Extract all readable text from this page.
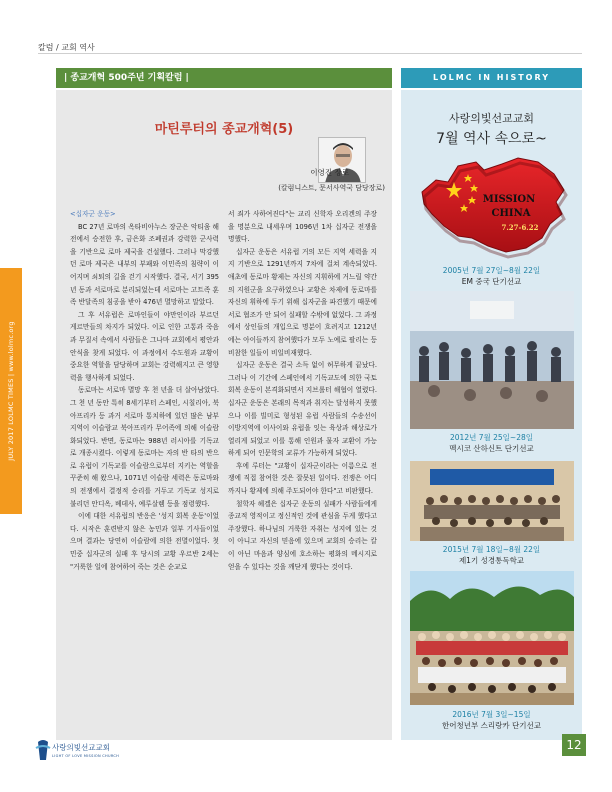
칼럼 / 교회 역사
JULY 2017 LOLMC TIMES | www.lolmc.org
| 종교개혁 500주년 기획칼럼 |
마틴루터의 종교개혁(5)
이영진 장로
(칼럼니스트, 문서사역국 담당장로)

<십자군 운동>

BC 27년 로마의 옥타비아누스 장군은 악티움 해전에서 승전한 후, 금은화 조폐권과 강력한 군사력을 기반으로 로마 제국을 건설했다. 그러나 막강했던 로마 제국은 내부의 부패와 이민족의 침략이 이어지며 쇠퇴의 길을 걷기 시작했다. 결국, 서기 395년 동과 서로마로 분리되었는데 서로마는 고트족 훈족 반달족의 침공을 받아 476년 멸망하고 말았다.

그 후 서유럽은 로마인들이 야만인이라 부르던 게르만들의 차지가 되었다. 이로 인한 고통과 죽음과 무질서 속에서 사람들은 그나마 교회에서 평안과 안식을 찾게 되었다. 이 과정에서 수도원과 교황이 중요한 역할을 담당하며 교회는 강력해지고 큰 영향력을 행사하게 되었다.

동로마는 서로마 멸망 후 천 년을 더 살아남았다. 그 천 년 동안 특히 8세기부터 스페인, 시칠리아, 북아프리카 등 과거 서로마 통치하에 있던 많은 남부 지역이 이슬람교 북아프리카 무어족에 의해 이슬람화되었다. 반면, 동로마는 988년 러시아를 기독교로 개종시켰다. 이렇게 동로마는 자의 반 타의 반으로 유럽이 기독교를 이슬람으로부터 지키는 역할을 꾸준히 해 왔으나, 1071년 이슬람 세력은 동로마와의 전쟁에서 결정적 승리를 거두고 기독교 성지로 불리던 안디옥, 베데사, 예루살렘 등을 점령했다.

이에 대한 서유럽의 반응은 '성지 회복 운동'이었다. 시작은 훈련받지 않은 농민과 일부 기사들이었으며 결과는 당연히 이슬람에 의한 전멸이었다. 첫 민중 십자군의 실패 후 당시의 교황 우르반 2세는 "거룩한 일에 참여하여 죽는 것은 순교로

서 죄가 사하여진다"는 교리 신학자 오리겐의 주장을 명분으로 내세우며 1096년 1차 십자군 전쟁을 명했다.

십자군 운동은 서유럽 거의 모든 지역 세력을 지지 기반으로 1291년까지 7차에 걸쳐 계속되었다. 애초에 동로마 황제는 자신의 지휘하에 거느릴 약간의 지원군을 요구하였으나 교황은 차제에 동로마를 자신의 휘하에 두기 위해 십자군을 파견했기 때문에 서로 협조가 안 되어 실패할 수밖에 없었다. 그 과정에서 상인들의 개입으로 명분이 흐려지고 1212년에는 아이들까지 참여했다가 모두 노예로 팔리는 등 비참한 일들이 비일비재했다.

십자군 운동은 결국 소득 없이 허무하게 끝났다. 그러나 이 기간에 스페인에서 기독교도에 의한 국토 회복 운동이 본격화되면서 지브롤터 해협이 열렸다. 십자군 운동은 본래의 목적과 취지는 달성하지 못했으나 이를 빌미로 형성된 유럽 사람들의 수송선이 이방지역에 이사이와 유럽을 잇는 육상과 해상로가 열리게 되었고 이를 통해 인원과 물자 교환이 가능하게 되어 인문학의 교류가 가능하게 되었다.

후에 루터는 "교황이 십자군이라는 이름으로 전쟁에 직접 참여한 것은 잘못된 일이다. 전쟁은 어디까지나 황제에 의해 주도되어야 한다"고 비판했다.

철학자 헤겔은 십자군 운동의 실패가 사람들에게 종교적 영적이고 정신적인 것에 관심을 두게 했다고 주장했다. 하나님의 거룩한 자취는 성지에 있는 것이 아니고 자신의 믿음에 있으며 교회의 승리는 칼이 아닌 마음과 양심에 호소하는 평화의 메시지로 얻을 수 있다는 것을 깨닫게 했다는 것이다.

LOLMC IN HISTORY
사랑의빛선교교회
7월 역사 속으로~
MISSION
CHINA
7.27-6.22
2005년 7월 27일~8월 22일
EM 중국 단기선교
2012년 7월 25일~28일
멕시코 산하신트 단기선교
2015년 7월 18일~8월 22일
제1기 성경통독학교
2016년 7월 3일~15일
한어청년부 스리랑카 단기선교
사랑의빛선교교회
LIGHT OF LOVE MISSION CHURCH
12
